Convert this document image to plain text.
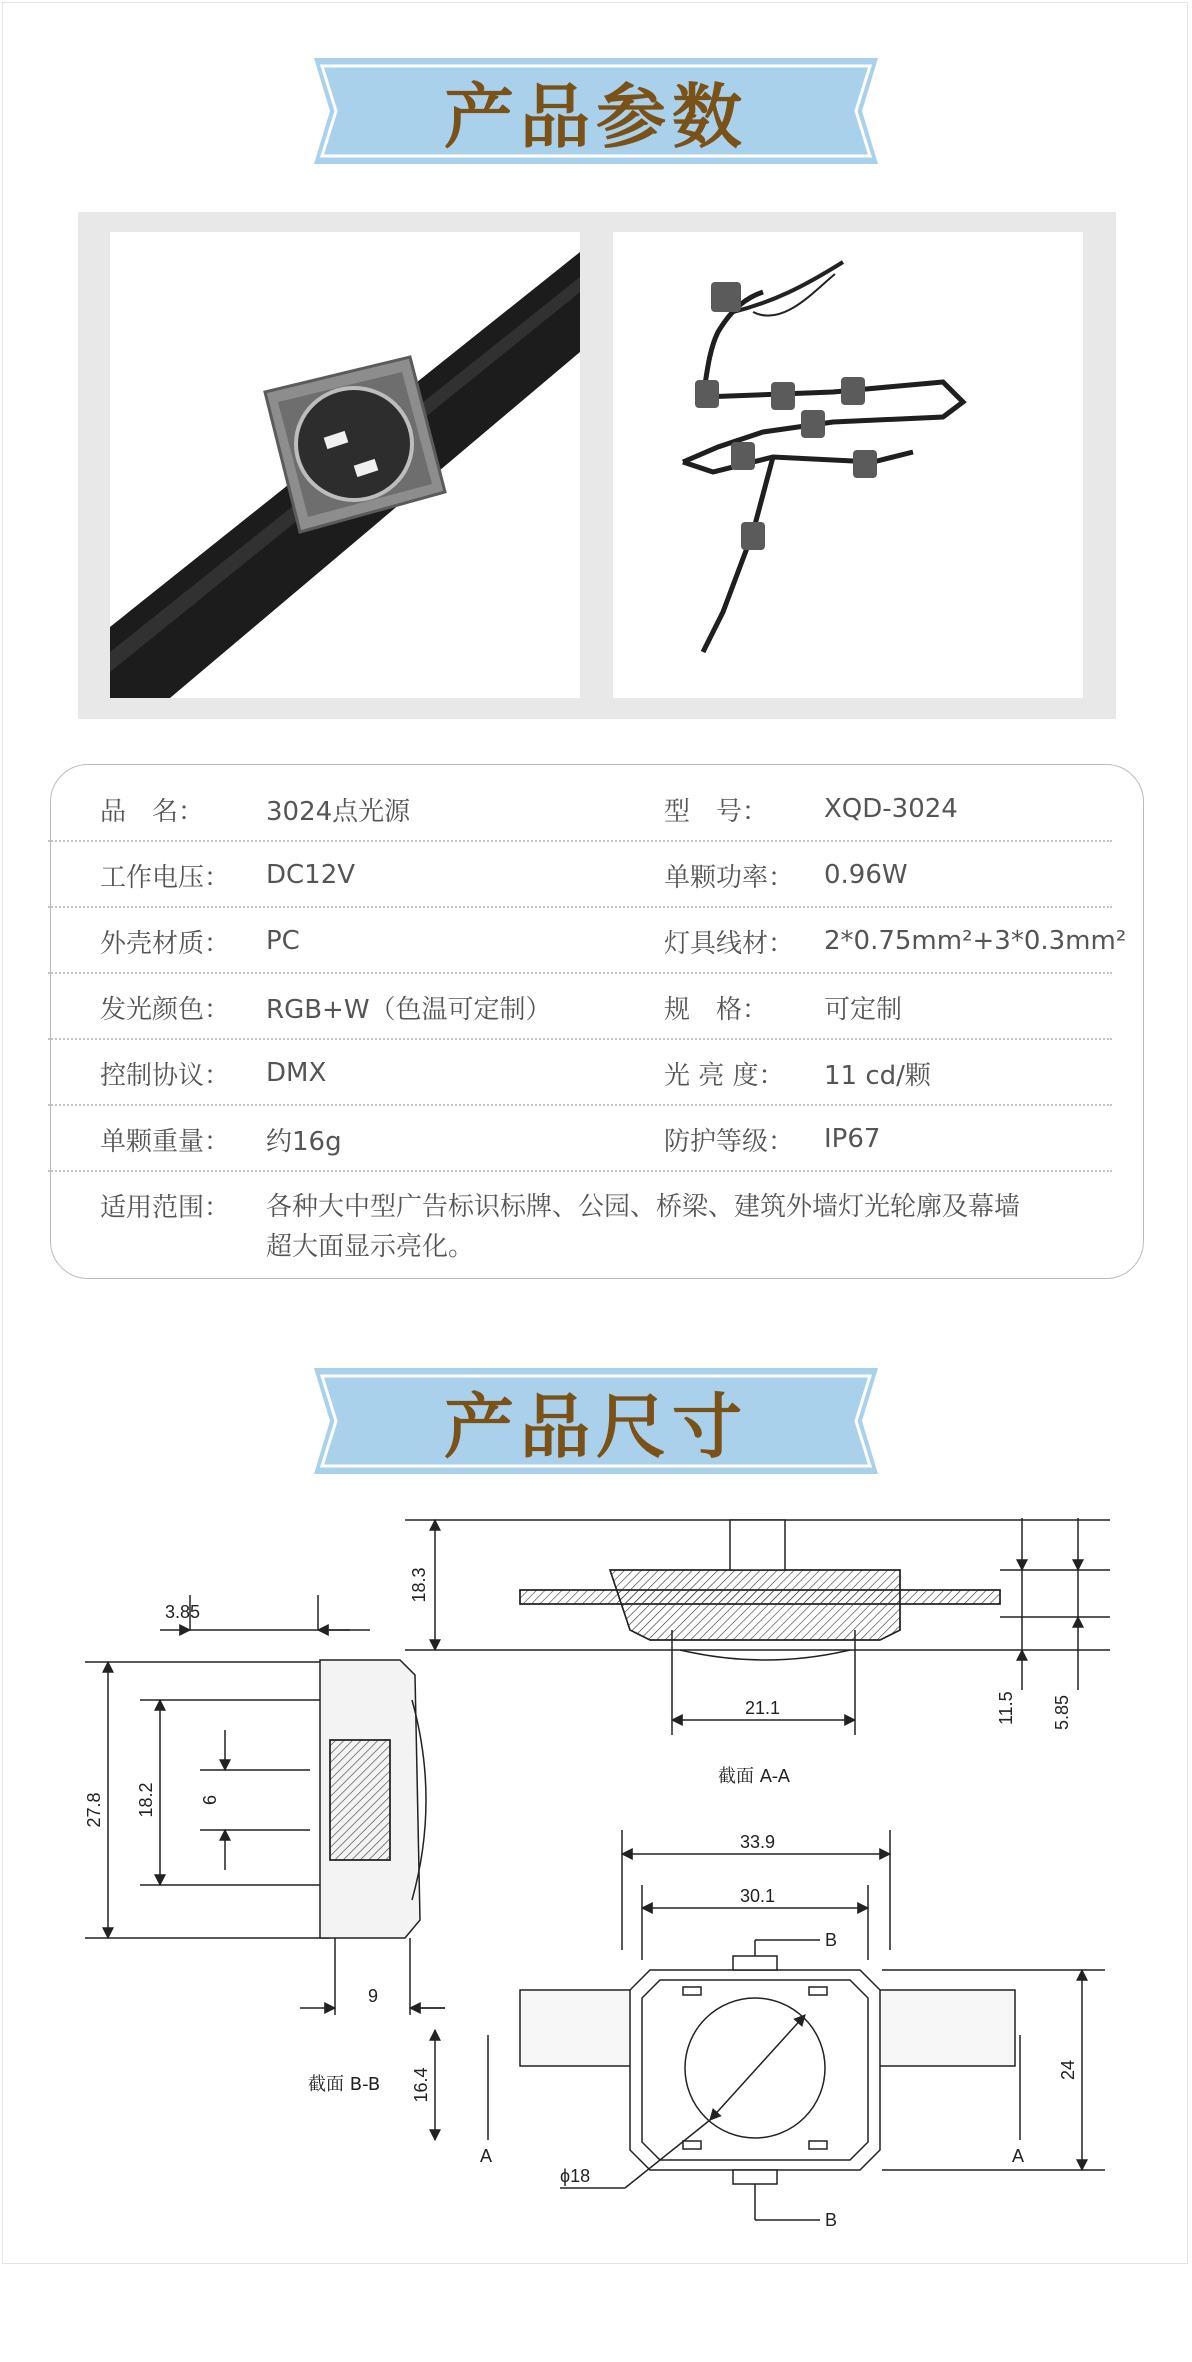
产品参数
品　名：	3024点光源	型　号：	XQD-3024
工作电压：	DC12V	单颗功率：	0.96W
外壳材质：	PC	灯具线材：	2*0.75mm²+3*0.3mm²
发光颜色：	RGB+W（色温可定制）	规　格：	可定制
控制协议：	DMX	光 亮 度：	11 cd/颗
单颗重量：	约16g	防护等级：	IP67
适用范围： 各种大中型广告标识标牌、公园、桥梁、建筑外墙灯光轮廓及幕墙超大面显示亮化。
产品尺寸
18.3
3.85
21.1	11.5 5.85
截面 A-A
27.8 18.2 6
9
16.4
截面 B-B
33.9
30.1
24
ϕ18
A	A
B
B
